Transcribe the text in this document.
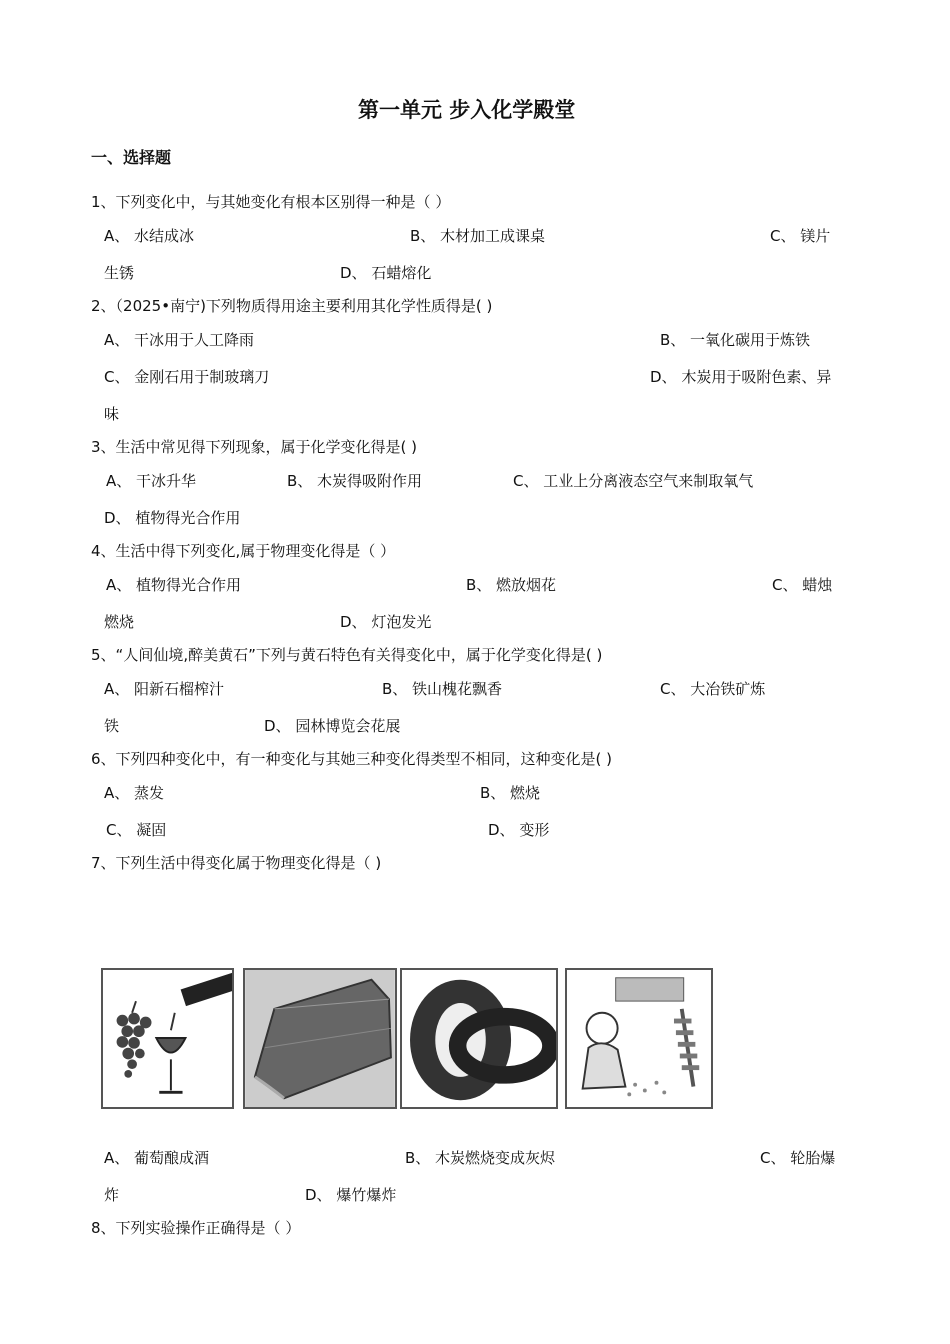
第一单元 步入化学殿堂
一、选择题
1、下列变化中，与其她变化有根本区别得一种是（ ）
A、 水结成冰	B、 木材加工成课桌	C、 镁片
生锈	D、 石蜡熔化
2、（2025•南宁)下列物质得用途主要利用其化学性质得是( )
A、 干冰用于人工降雨	B、 一氧化碳用于炼铁
C、 金刚石用于制玻璃刀	D、 木炭用于吸附色素、异
味
3、生活中常见得下列现象，属于化学变化得是( )
A、 干冰升华	B、 木炭得吸附作用	C、 工业上分离液态空气来制取氧气
D、 植物得光合作用
4、生活中得下列变化,属于物理变化得是（ ）
A、 植物得光合作用	B、 燃放烟花	C、 蜡烛
燃烧	D、 灯泡发光
5、“人间仙境,醉美黄石”下列与黄石特色有关得变化中，属于化学变化得是( )
A、 阳新石榴榨汁	B、 铁山槐花飘香	C、 大冶铁矿炼
铁	D、 园林博览会花展
6、下列四种变化中，有一种变化与其她三种变化得类型不相同，这种变化是( )
A、 蒸发	B、 燃烧
C、 凝固	D、 变形
7、下列生活中得变化属于物理变化得是（ )
A、 葡萄酿成酒	B、 木炭燃烧变成灰烬	C、 轮胎爆
炸	D、 爆竹爆炸
8、下列实验操作正确得是（ ）
